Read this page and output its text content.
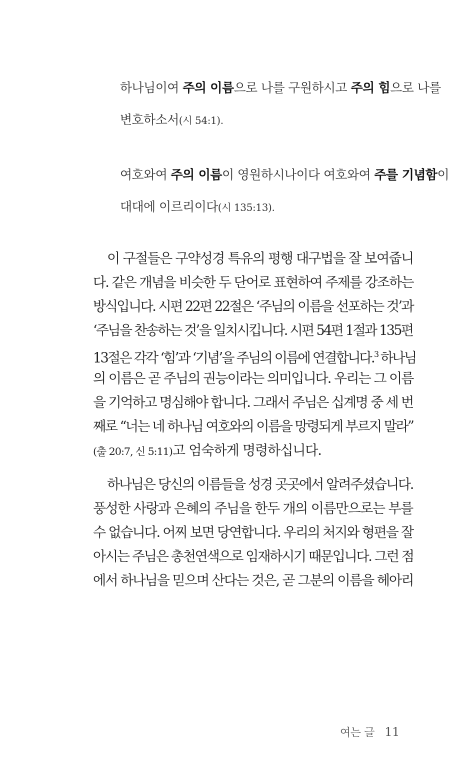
하나님이여 주의 이름으로 나를 구원하시고 주의 힘으로 나를
변호하소서(시 54:1).
여호와여 주의 이름이 영원하시나이다 여호와여 주를 기념함이
대대에 이르리이다(시 135:13).
이 구절들은 구약성경 특유의 평행 대구법을 잘 보여줍니
다. 같은 개념을 비슷한 두 단어로 표현하여 주제를 강조하는
방식입니다. 시편 22편 22절은 ‘주님의 이름을 선포하는 것’과
‘주님을 찬송하는 것’을 일치시킵니다. 시편 54편 1절과 135편
13절은 각각 ‘힘’과 ‘기념’을 주님의 이름에 연결합니다.$^3$ 하나님
의 이름은 곧 주님의 권능이라는 의미입니다. 우리는 그 이름
을 기억하고 명심해야 합니다. 그래서 주님은 십계명 중 세 번
째로 “너는 네 하나님 여호와의 이름을 망령되게 부르지 말라”
(출 20:7, 신 5:11)고 엄숙하게 명령하십니다.
하나님은 당신의 이름들을 성경 곳곳에서 알려주셨습니다.
풍성한 사랑과 은혜의 주님을 한두 개의 이름만으로는 부를
수 없습니다. 어찌 보면 당연합니다. 우리의 처지와 형편을 잘
아시는 주님은 총천연색으로 임재하시기 때문입니다. 그런 점
에서 하나님을 믿으며 산다는 것은, 곧 그분의 이름을 헤아리
여는 글 11
